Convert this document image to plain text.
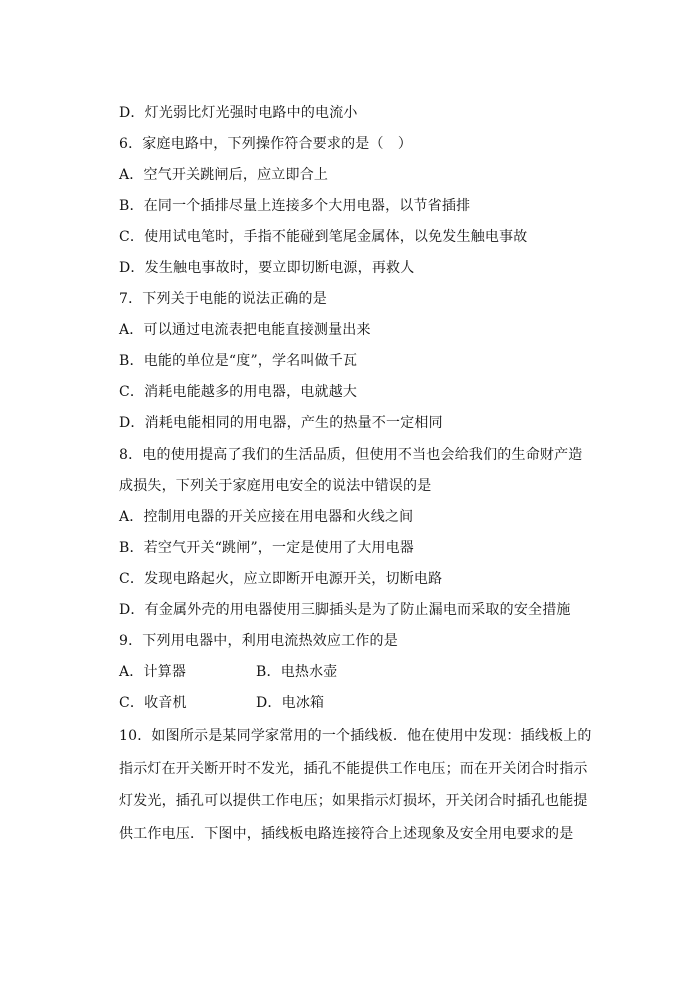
D．灯光弱比灯光强时电路中的电流小
6．家庭电路中，下列操作符合要求的是（　）
A．空气开关跳闸后，应立即合上
B．在同一个插排尽量上连接多个大用电器，以节省插排
C．使用试电笔时，手指不能碰到笔尾金属体，以免发生触电事故
D．发生触电事故时，要立即切断电源，再救人
7．下列关于电能的说法正确的是
A．可以通过电流表把电能直接测量出来
B．电能的单位是“度”，学名叫做千瓦
C．消耗电能越多的用电器，电就越大
D．消耗电能相同的用电器，产生的热量不一定相同
8．电的使用提高了我们的生活品质，但使用不当也会给我们的生命财产造
成损失，下列关于家庭用电安全的说法中错误的是
A．控制用电器的开关应接在用电器和火线之间
B．若空气开关“跳闸”，一定是使用了大用电器
C．发现电路起火，应立即断开电源开关，切断电路
D．有金属外壳的用电器使用三脚插头是为了防止漏电而采取的安全措施
9．下列用电器中，利用电流热效应工作的是
A．计算器	B．电热水壶
C．收音机	D．电冰箱
10．如图所示是某同学家常用的一个插线板．他在使用中发现：插线板上的
指示灯在开关断开时不发光，插孔不能提供工作电压；而在开关闭合时指示
灯发光，插孔可以提供工作电压；如果指示灯损坏，开关闭合时插孔也能提
供工作电压．下图中，插线板电路连接符合上述现象及安全用电要求的是
